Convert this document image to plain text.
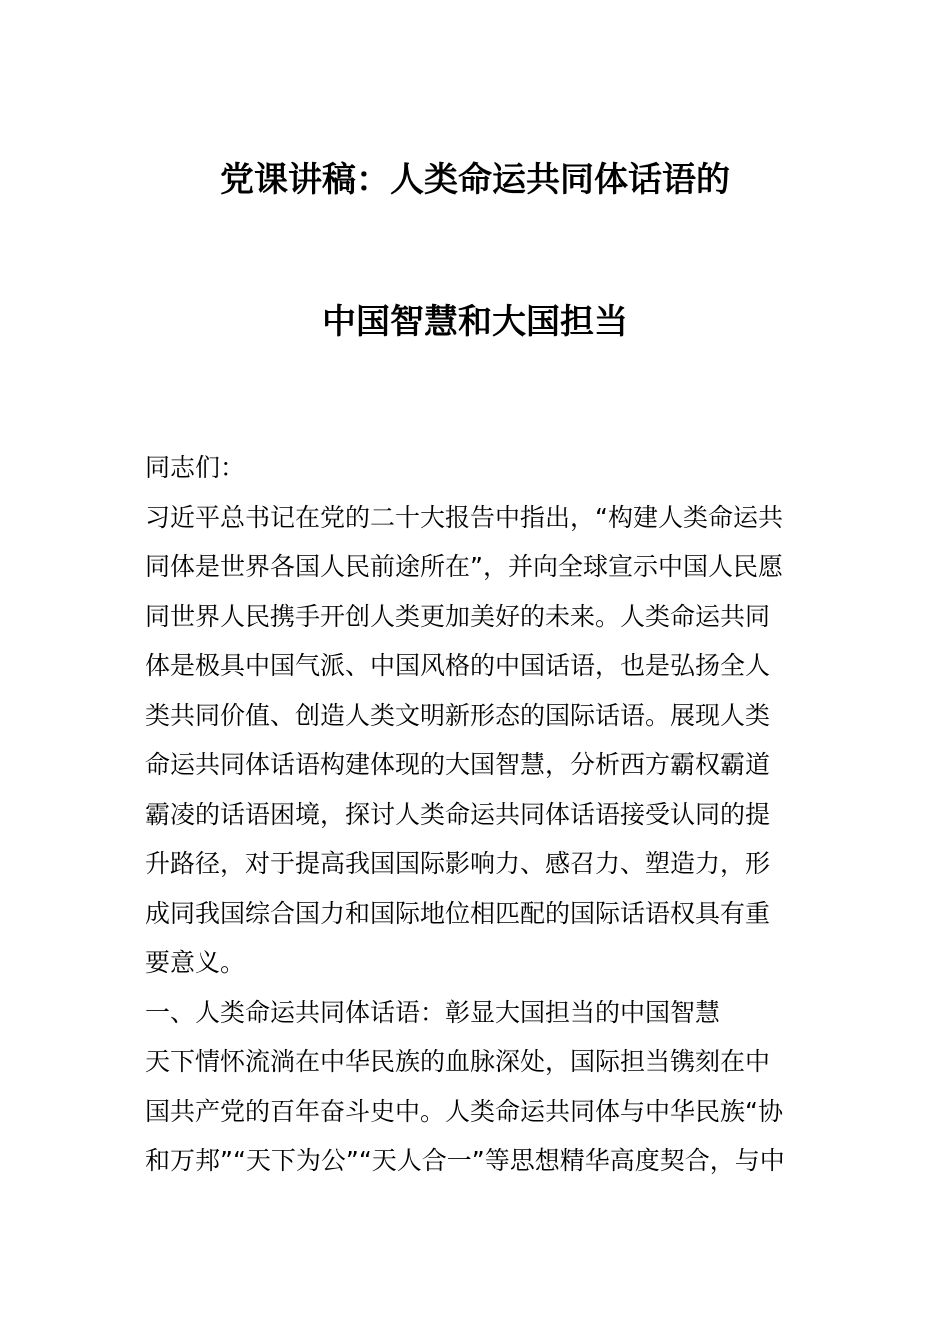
党课讲稿：人类命运共同体话语的
中国智慧和大国担当
同志们：
习近平总书记在党的二十大报告中指出，“构建人类命运共
同体是世界各国人民前途所在”，并向全球宣示中国人民愿
同世界人民携手开创人类更加美好的未来。人类命运共同
体是极具中国气派、中国风格的中国话语，也是弘扬全人
类共同价值、创造人类文明新形态的国际话语。展现人类
命运共同体话语构建体现的大国智慧，分析西方霸权霸道
霸凌的话语困境，探讨人类命运共同体话语接受认同的提
升路径，对于提高我国国际影响力、感召力、塑造力，形
成同我国综合国力和国际地位相匹配的国际话语权具有重
要意义。
一、人类命运共同体话语：彰显大国担当的中国智慧
天下情怀流淌在中华民族的血脉深处，国际担当镌刻在中
国共产党的百年奋斗史中。人类命运共同体与中华民族“协
和万邦”“天下为公”“天人合一”等思想精华高度契合，与中
